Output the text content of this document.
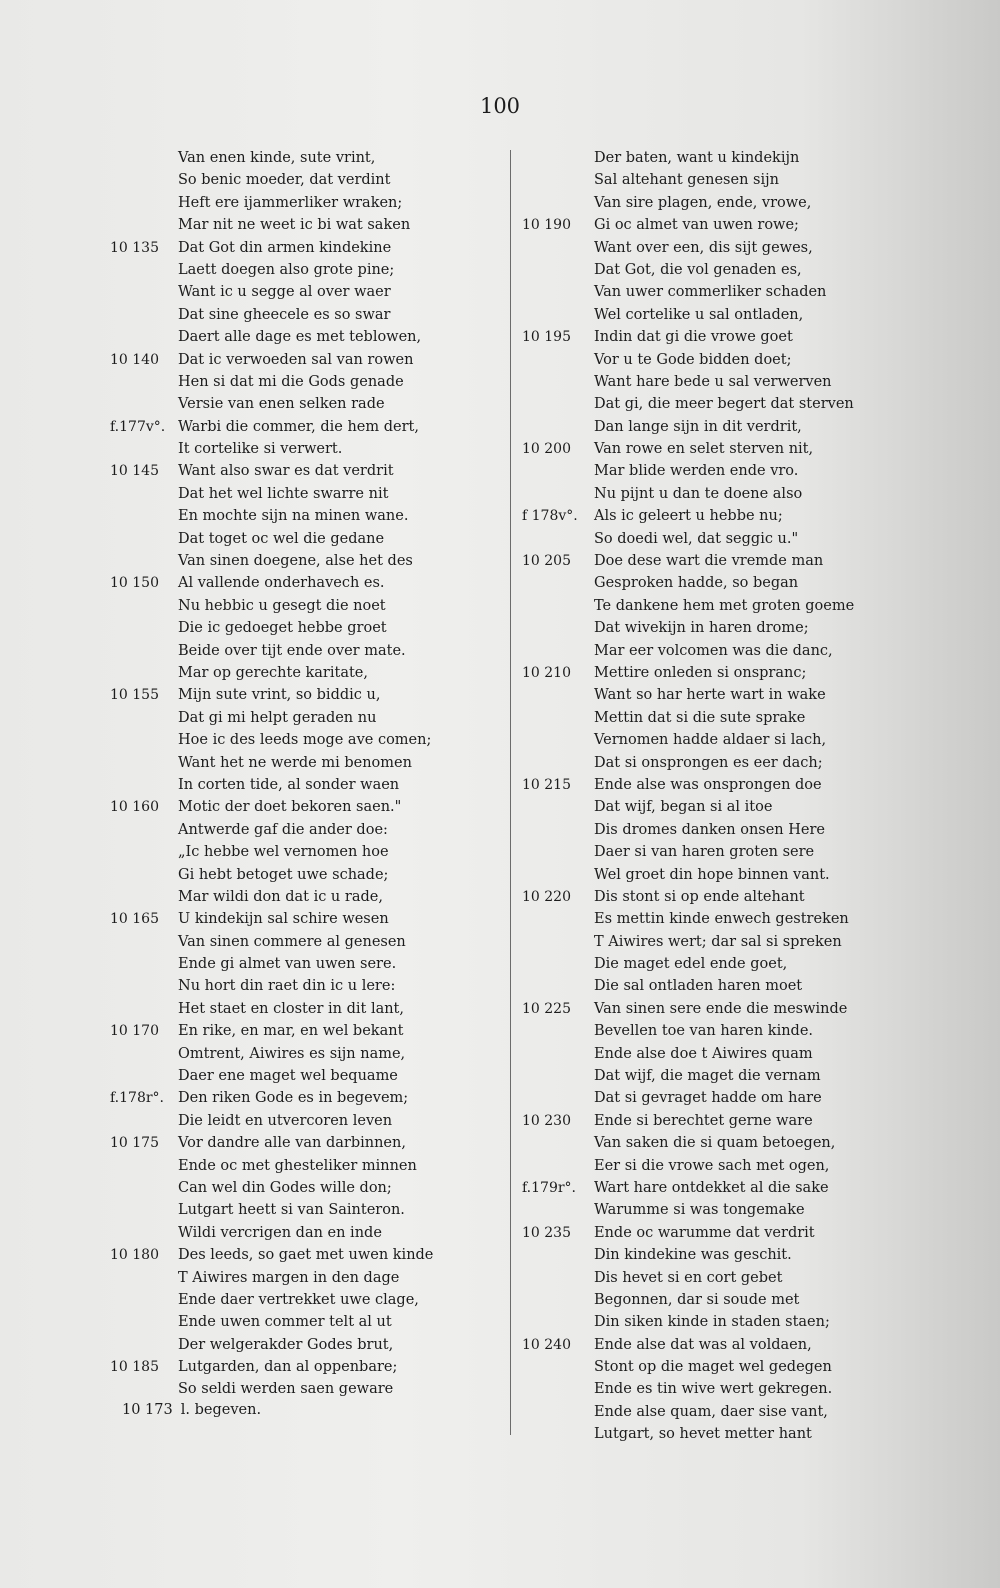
100
Van enen kinde, sute vrint,
So benic moeder, dat verdint
Heft ere ijammerliker wraken;
Mar nit ne weet ic bi wat saken
10 135	Dat Got din armen kindekine
Laett doegen also grote pine;
Want ic u segge al over waer
Dat sine gheecele es so swar
Daert alle dage es met teblowen,
10 140	Dat ic verwoeden sal van rowen
Hen si dat mi die Gods genade
Versie van enen selken rade
f.177v°. Warbi die commer, die hem dert,
It cortelike si verwert.
10 145	Want also swar es dat verdrit
Dat het wel lichte swarre nit
En mochte sijn na minen wane.
Dat toget oc wel die gedane
Van sinen doegene, alse het des
10 150	Al vallende onderhavech es.
Nu hebbic u gesegt die noet
Die ic gedoeget hebbe groet
Beide over tijt ende over mate.
Mar op gerechte karitate,
10 155	Mijn sute vrint, so biddic u,
Dat gi mi helpt geraden nu
Hoe ic des leeds moge ave comen;
Want het ne werde mi benomen
In corten tide, al sonder waen
10 160	Motic der doet bekoren saen."
Antwerde gaf die ander doe:
„Ic hebbe wel vernomen hoe
Gi hebt betoget uwe schade;
Mar wildi don dat ic u rade,
10 165	U kindekijn sal schire wesen
Van sinen commere al genesen
Ende gi almet van uwen sere.
Nu hort din raet din ic u lere:
Het staet en closter in dit lant,
10 170	En rike, en mar, en wel bekant
Omtrent, Aiwires es sijn name,
Daer ene maget wel bequame
f.178r°. Den riken Gode es in begevem;
Die leidt en utvercoren leven
10 175	Vor dandre alle van darbinnen,
Ende oc met ghesteliker minnen
Can wel din Godes wille don;
Lutgart heett si van Sainteron.
Wildi vercrigen dan en inde
10 180	Des leeds, so gaet met uwen kinde
T Aiwires margen in den dage
Ende daer vertrekket uwe clage,
Ende uwen commer telt al ut
Der welgerakder Godes brut,
10 185	Lutgarden, dan al oppenbare;
So seldi werden saen geware
Der baten, want u kindekijn
Sal altehant genesen sijn
Van sire plagen, ende, vrowe,
10 190	Gi oc almet van uwen rowe;
Want over een, dis sijt gewes,
Dat Got, die vol genaden es,
Van uwer commerliker schaden
Wel cortelike u sal ontladen,
10 195	Indin dat gi die vrowe goet
Vor u te Gode bidden doet;
Want hare bede u sal verwerven
Dat gi, die meer begert dat sterven
Dan lange sijn in dit verdrit,
10 200	Van rowe en selet sterven nit,
Mar blide werden ende vro.
Nu pijnt u dan te doene also
f 178v°.	Als ic geleert u hebbe nu;
So doedi wel, dat seggic u."
10 205	Doe dese wart die vremde man
Gesproken hadde, so began
Te dankene hem met groten goeme
Dat wivekijn in haren drome;
Mar eer volcomen was die danc,
10 210	Mettire onleden si onspranc;
Want so har herte wart in wake
Mettin dat si die sute sprake
Vernomen hadde aldaer si lach,
Dat si onsprongen es eer dach;
10 215	Ende alse was onsprongen doe
Dat wijf, began si al itoe
Dis dromes danken onsen Here
Daer si van haren groten sere
Wel groet din hope binnen vant.
10 220	Dis stont si op ende altehant
Es mettin kinde enwech gestreken
T Aiwires wert; dar sal si spreken
Die maget edel ende goet,
Die sal ontladen haren moet
10 225	Van sinen sere ende die meswinde
Bevellen toe van haren kinde.
Ende alse doe t Aiwires quam
Dat wijf, die maget die vernam
Dat si gevraget hadde om hare
10 230	Ende si berechtet gerne ware
Van saken die si quam betoegen,
Eer si die vrowe sach met ogen,
f.179r°.	Wart hare ontdekket al die sake
Warumme si was tongemake
10 235	Ende oc warumme dat verdrit
Din kindekine was geschit.
Dis hevet si en cort gebet
Begonnen, dar si soude met
Din siken kinde in staden staen;
10 240	Ende alse dat was al voldaen,
Stont op die maget wel gedegen
Ende es tin wive wert gekregen.
Ende alse quam, daer sise vant,
Lutgart, so hevet metter hant
10 173 l. begeven.
